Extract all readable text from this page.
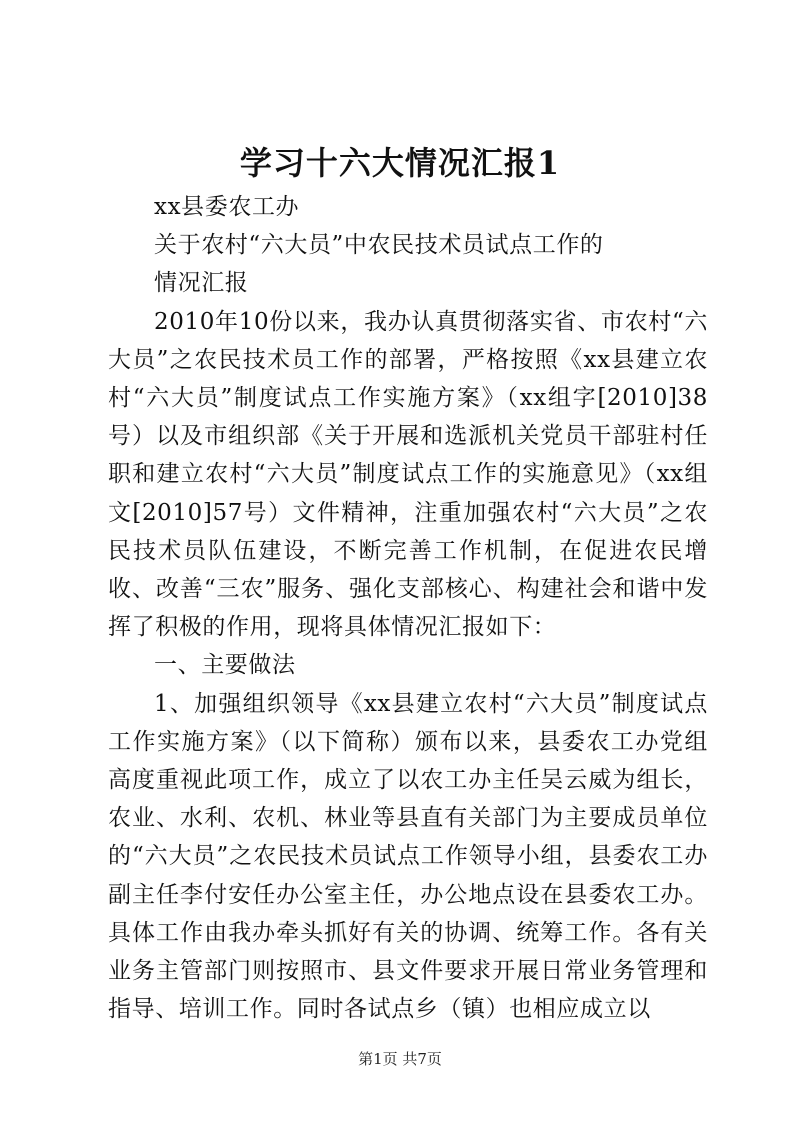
学习十六大情况汇报1

xx县委农工办

关于农村“六大员”中农民技术员试点工作的

情况汇报

2010年10份以来，我办认真贯彻落实省、市农村“六大员”之农民技术员工作的部署，严格按照《xx县建立农村“六大员”制度试点工作实施方案》（xx组字[2010]38号）以及市组织部《关于开展和选派机关党员干部驻村任职和建立农村“六大员”制度试点工作的实施意见》（xx组文[2010]57号）文件精神，注重加强农村“六大员”之农民技术员队伍建设，不断完善工作机制，在促进农民增收、改善“三农”服务、强化支部核心、构建社会和谐中发挥了积极的作用，现将具体情况汇报如下：

一、主要做法

1、加强组织领导《xx县建立农村“六大员”制度试点工作实施方案》（以下简称）颁布以来，县委农工办党组高度重视此项工作，成立了以农工办主任吴云威为组长，农业、水利、农机、林业等县直有关部门为主要成员单位的“六大员”之农民技术员试点工作领导小组，县委农工办副主任李付安任办公室主任，办公地点设在县委农工办。具体工作由我办牵头抓好有关的协调、统筹工作。各有关业务主管部门则按照市、县文件要求开展日常业务管理和指导、培训工作。同时各试点乡（镇）也相应成立以

第1页 共7页
